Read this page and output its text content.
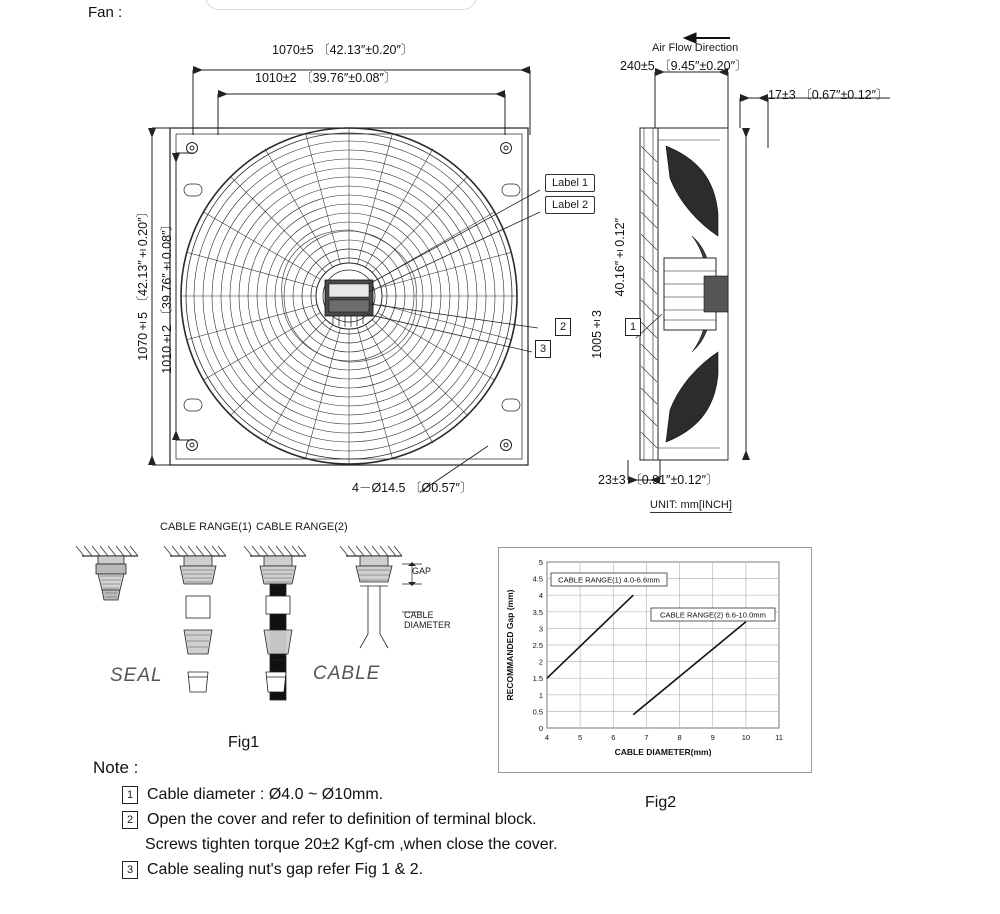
Fan :
1070±5 〔42.13″±0.20″〕
1010±2 〔39.76″±0.08″〕
1070±5 〔42.13″±0.20″〕 1010±2 〔39.76″±0.08″〕
4－Ø14.5 〔Ø0.57″〕
Label 1
Label 2
2
3
Air Flow Direction
240±5 〔9.45″±0.20″〕
17±3 〔0.67″±0.12″〕
1005±3
40.16″±0.12″
23±3 〔0.91″±0.12″〕
1
UNIT: mm[INCH]
CABLE RANGE(1) CABLE RANGE(2)
GAP
CABLE
DIAMETER
SEAL	CABLE
Fig1
0
0.5
1
1.5
2
2.5
3
3.5
4
4.5
5
4	5	6	7	8	9	10	11
CABLE DIAMETER(mm)
RECOMMANDED Gap (mm)
CABLE RANGE(1) 4.0-6.6mm
CABLE RANGE(2) 6.6-10.0mm
Fig2
Note :
1 Cable diameter : Ø4.0 ~ Ø10mm.
2 Open the cover and refer to definition of terminal block.
Screws tighten torque 20±2 Kgf-cm ,when close the cover.
3 Cable sealing nut's gap refer Fig 1 & 2.
